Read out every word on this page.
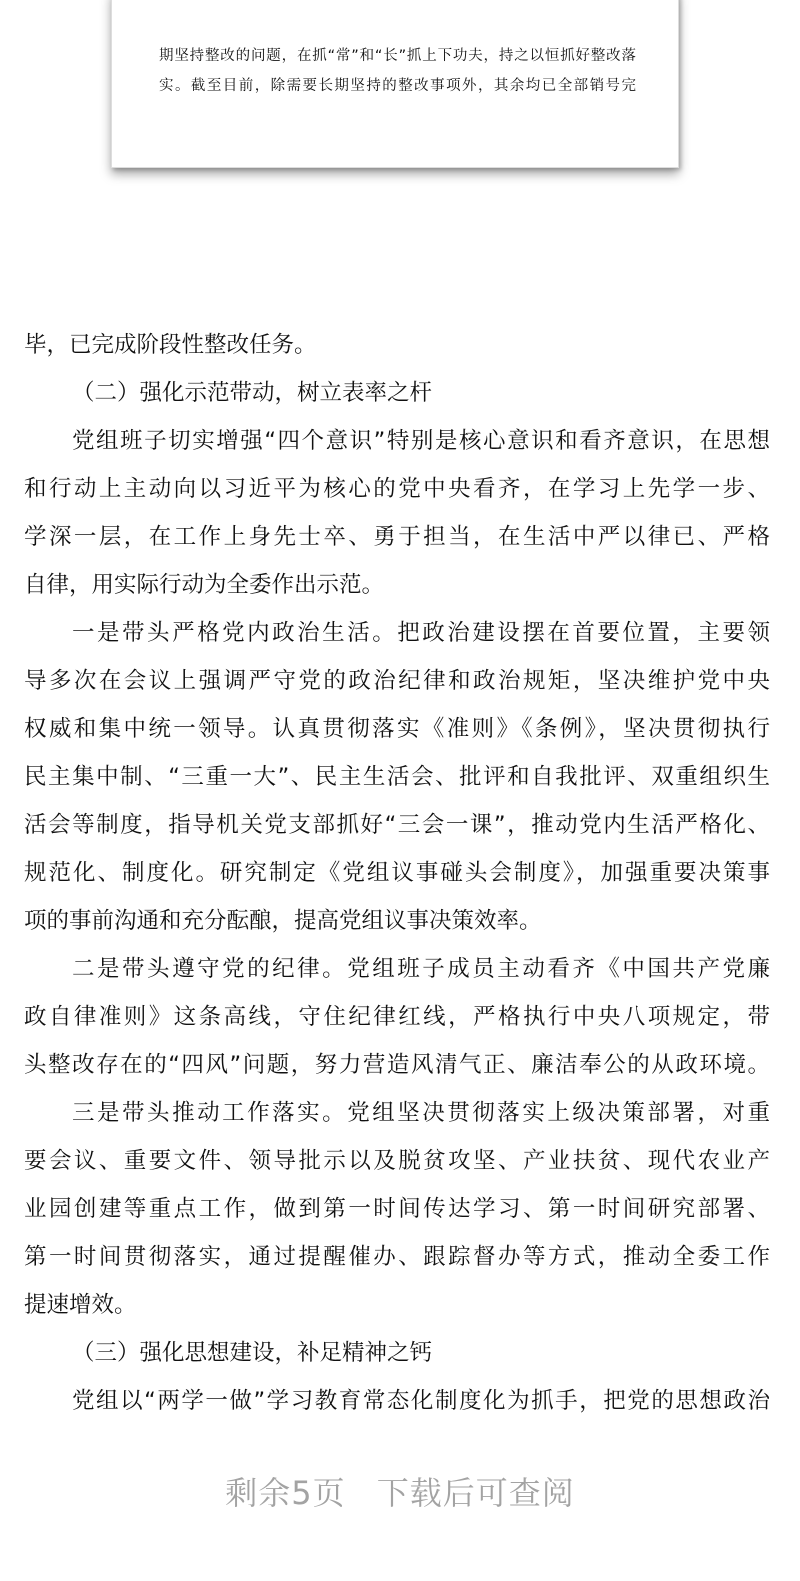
期坚持整改的问题，在抓“常”和“长”抓上下功夫，持之以恒抓好整改落
实。截至目前，除需要长期坚持的整改事项外，其余均已全部销号完
毕，已完成阶段性整改任务。
（二）强化示范带动，树立表率之杆
党组班子切实增强“四个意识”特别是核心意识和看齐意识，在思想
和行动上主动向以习近平为核心的党中央看齐，在学习上先学一步、
学深一层，在工作上身先士卒、勇于担当，在生活中严以律已、严格
自律，用实际行动为全委作出示范。
一是带头严格党内政治生活。把政治建设摆在首要位置，主要领
导多次在会议上强调严守党的政治纪律和政治规矩，坚决维护党中央
权威和集中统一领导。认真贯彻落实《准则》《条例》，坚决贯彻执行
民主集中制、“三重一大”、民主生活会、批评和自我批评、双重组织生
活会等制度，指导机关党支部抓好“三会一课”，推动党内生活严格化、
规范化、制度化。研究制定《党组议事碰头会制度》，加强重要决策事
项的事前沟通和充分酝酿，提高党组议事决策效率。
二是带头遵守党的纪律。党组班子成员主动看齐《中国共产党廉
政自律准则》这条高线，守住纪律红线，严格执行中央八项规定，带
头整改存在的“四风”问题，努力营造风清气正、廉洁奉公的从政环境。
三是带头推动工作落实。党组坚决贯彻落实上级决策部署，对重
要会议、重要文件、领导批示以及脱贫攻坚、产业扶贫、现代农业产
业园创建等重点工作，做到第一时间传达学习、第一时间研究部署、
第一时间贯彻落实，通过提醒催办、跟踪督办等方式，推动全委工作
提速增效。
（三）强化思想建设，补足精神之钙
党组以“两学一做”学习教育常态化制度化为抓手，把党的思想政治
剩余5页 下载后可查阅
